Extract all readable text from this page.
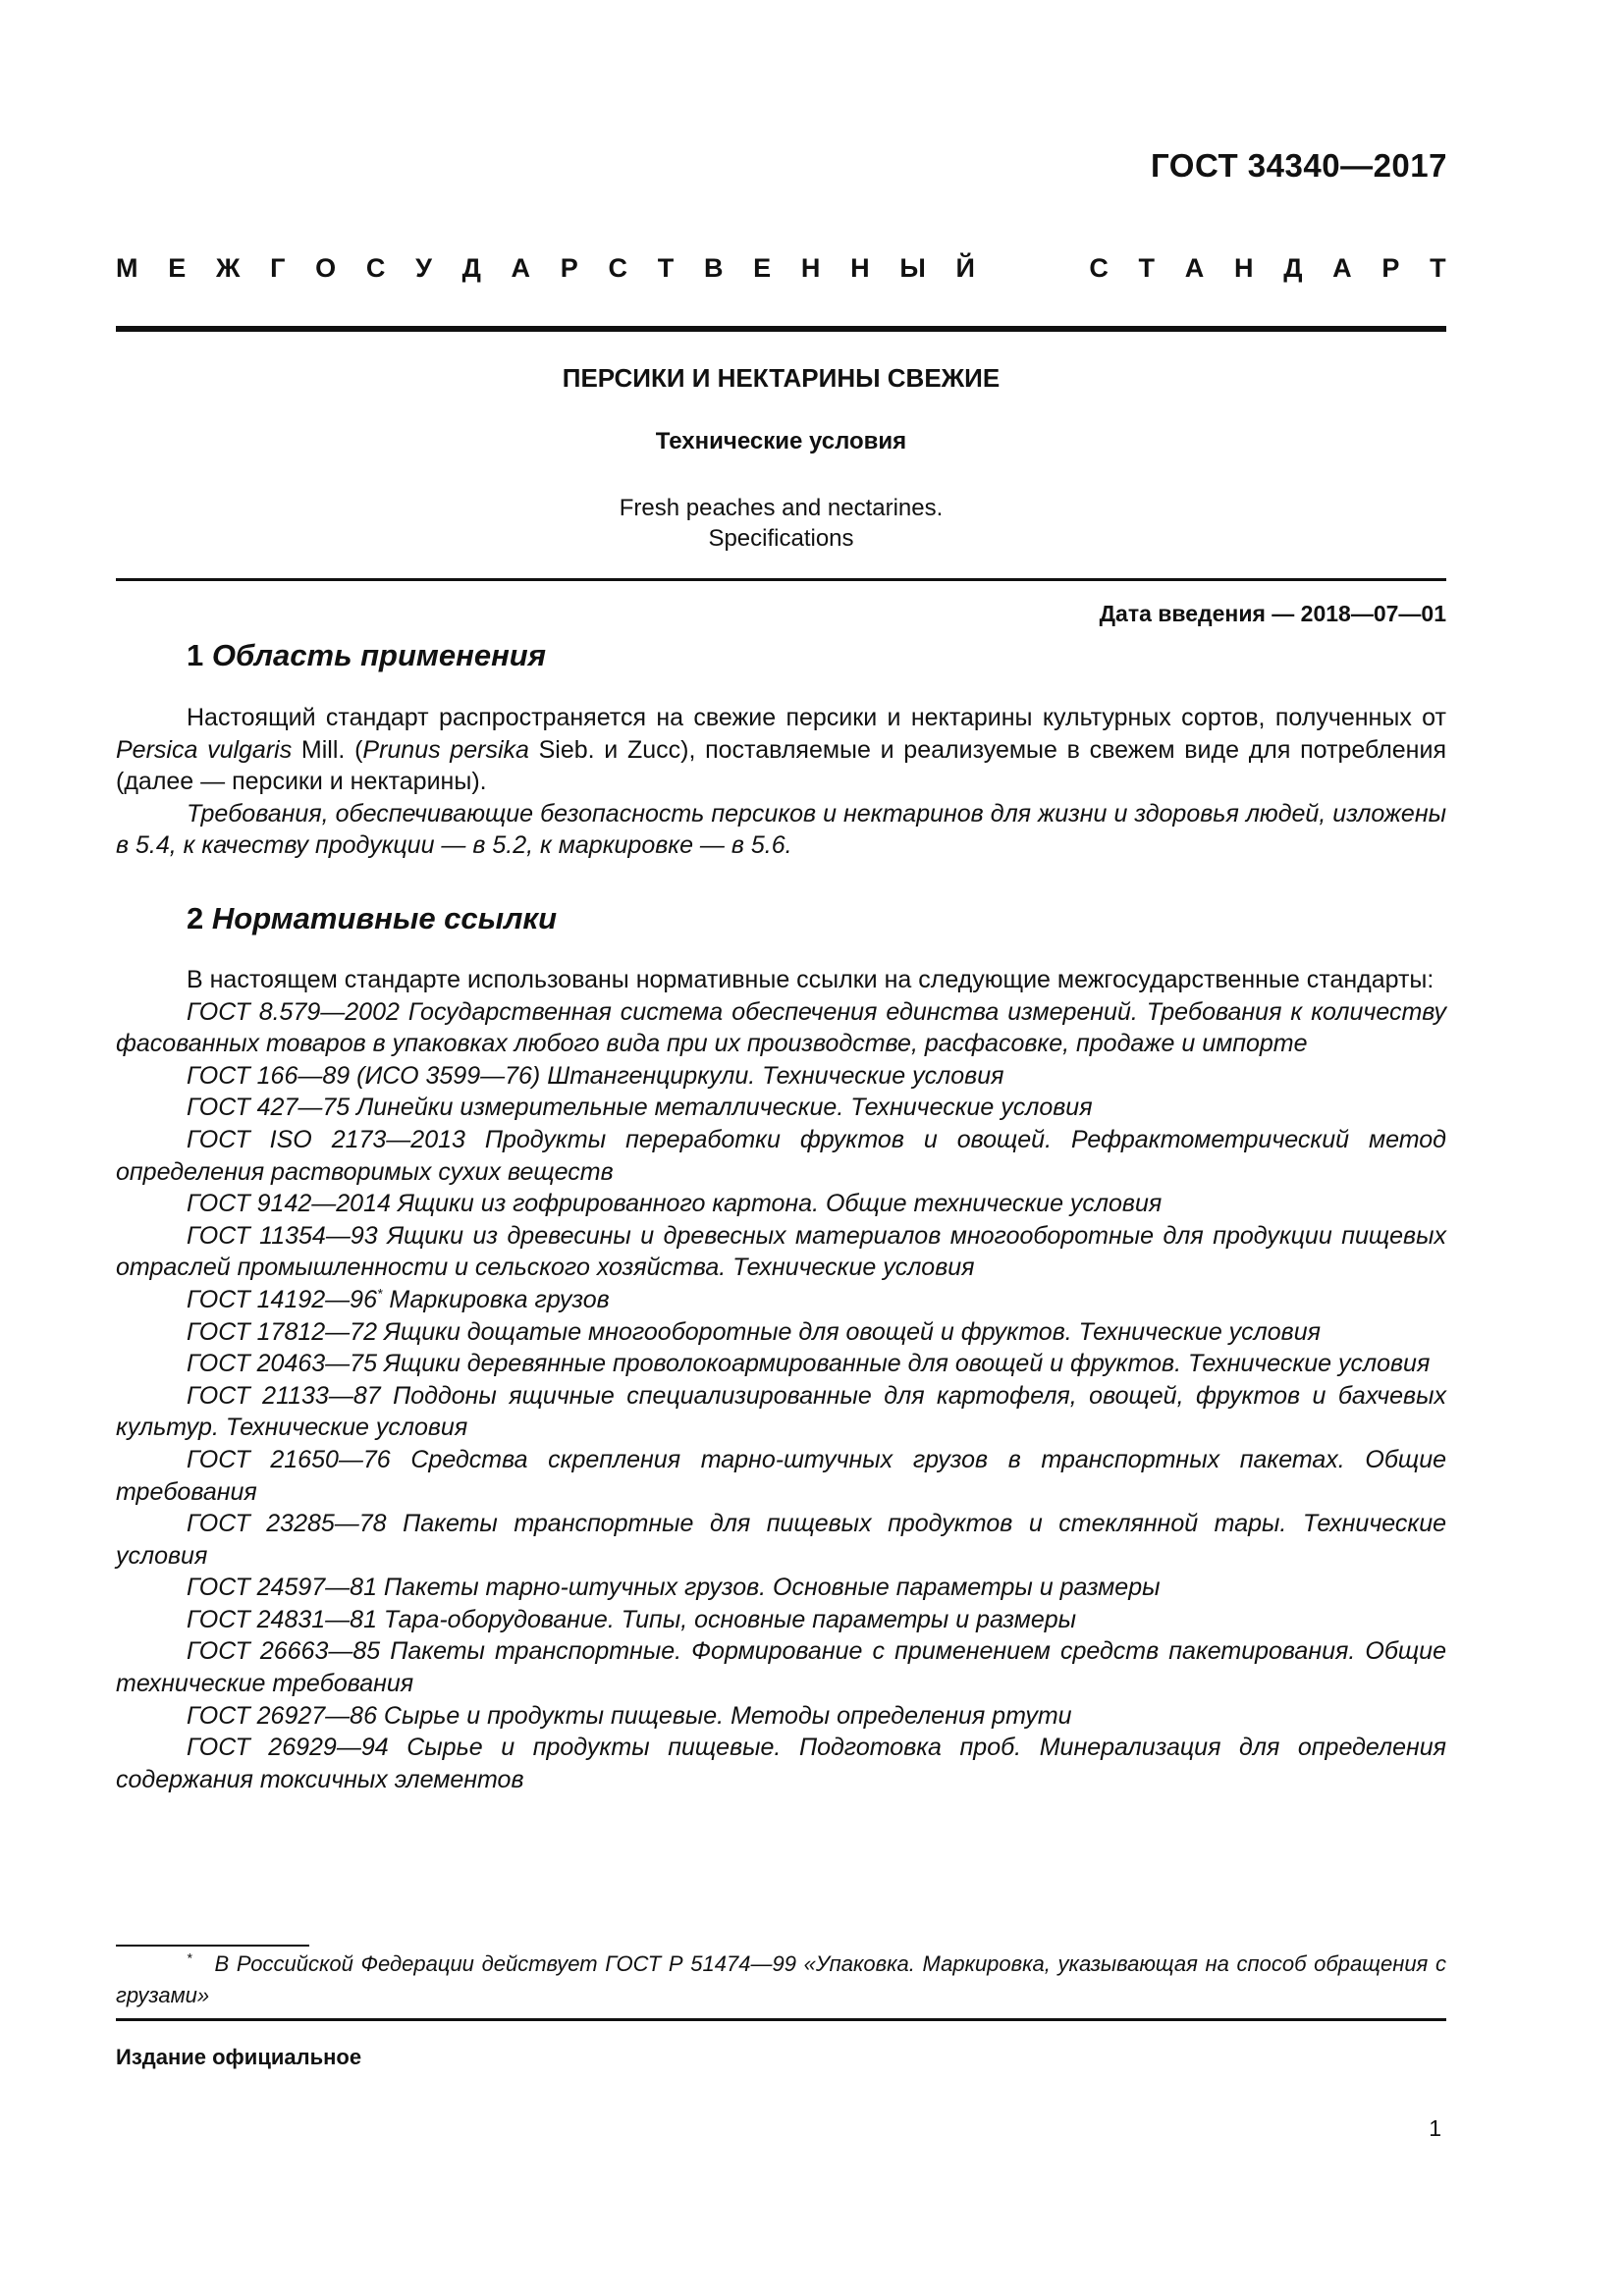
ГОСТ 34340—2017
М Е Ж Г О С У Д А Р С Т В Е Н Н Ы Й	С Т А Н Д А Р Т
ПЕРСИКИ И НЕКТАРИНЫ СВЕЖИЕ
Технические условия
Fresh peaches and nectarines.
Specifications
Дата введения — 2018—07—01
1 Область применения

Настоящий стандарт распространяется на свежие персики и нектарины культурных сортов, полученных от Persica vulgaris Mill. (Prunus persika Sieb. и Zucc), поставляемые и реализуемые в свежем виде для потребления (далее — персики и нектарины).

Требования, обеспечивающие безопасность персиков и нектаринов для жизни и здоровья людей, изложены в 5.4, к качеству продукции — в 5.2, к маркировке — в 5.6.

2 Нормативные ссылки

В настоящем стандарте использованы нормативные ссылки на следующие межгосударственные стандарты:

ГОСТ 8.579—2002 Государственная система обеспечения единства измерений. Требования к количеству фасованных товаров в упаковках любого вида при их производстве, расфасовке, продаже и импорте

ГОСТ 166—89 (ИСО 3599—76) Штангенциркули. Технические условия

ГОСТ 427—75 Линейки измерительные металлические. Технические условия

ГОСТ ISO 2173—2013 Продукты переработки фруктов и овощей. Рефрактометрический метод определения растворимых сухих веществ

ГОСТ 9142—2014 Ящики из гофрированного картона. Общие технические условия

ГОСТ 11354—93 Ящики из древесины и древесных материалов многооборотные для продукции пищевых отраслей промышленности и сельского хозяйства. Технические условия

ГОСТ 14192—96* Маркировка грузов

ГОСТ 17812—72 Ящики дощатые многооборотные для овощей и фруктов. Технические условия

ГОСТ 20463—75 Ящики деревянные проволокоармированные для овощей и фруктов. Технические условия

ГОСТ 21133—87 Поддоны ящичные специализированные для картофеля, овощей, фруктов и бахчевых культур. Технические условия

ГОСТ 21650—76 Средства скрепления тарно-штучных грузов в транспортных пакетах. Общие требования

ГОСТ 23285—78 Пакеты транспортные для пищевых продуктов и стеклянной тары. Технические условия

ГОСТ 24597—81 Пакеты тарно-штучных грузов. Основные параметры и размеры

ГОСТ 24831—81 Тара-оборудование. Типы, основные параметры и размеры

ГОСТ 26663—85 Пакеты транспортные. Формирование с применением средств пакетирования. Общие технические требования

ГОСТ 26927—86 Сырье и продукты пищевые. Методы определения ртути

ГОСТ 26929—94 Сырье и продукты пищевые. Подготовка проб. Минерализация для определения содержания токсичных элементов

* В Российской Федерации действует ГОСТ Р 51474—99 «Упаковка. Маркировка, указывающая на способ обращения с грузами»

Издание официальное
1
